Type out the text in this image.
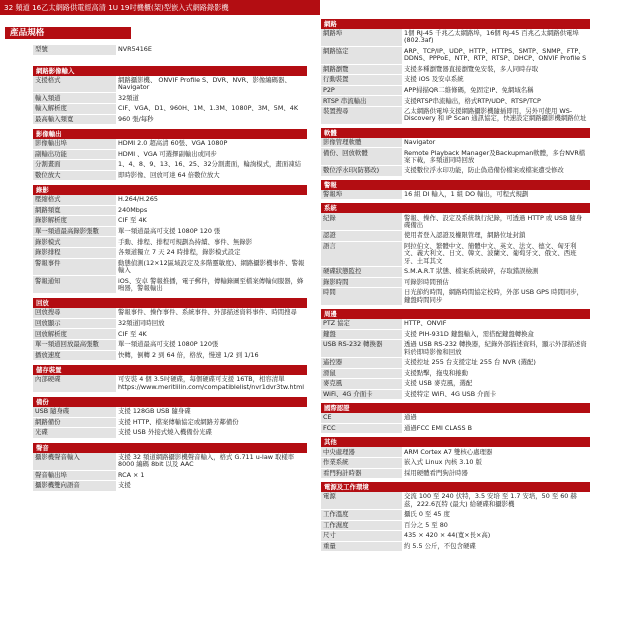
32 頻道 16乙太網路供電經高清 1U 19吋機櫃(架)型嵌入式網路錄影機
產品規格
型號	NVR5416E
網路影像輸入
支援格式	網路攝影機、 ONVIF Profile S、DVR、NVR、影像編碼器、Navigator
輸入頻道	32頻道
輸入解析度	CIF、VGA、D1、960H、1M、1.3M、1080P、3M、5M、4K
最高輸入頻寬	960 張/每秒
影像輸出
影像輸出埠	HDMI 2.0 超高清 60張、VGA 1080P
副輸出功能	HDMI 、VGA 可選擇副輸出或同步
分割畫面	1、4、8、9、13、16、25、32分割畫面，輪詢模式，畫面凍結
數位放大	即時影像、回放可達 64 倍數位放大
錄影
壓縮格式	H.264/H.265
網路頻寬	240Mbps
錄影解析度	CIF 至 4K
單一頻道最高錄影張數	單一頻道最高可支援 1080P 120 張
錄影模式	手動、排程、排程可規劃為持續、事件、無錄影
錄影排程	各頻道獨立 7 天 24 時排程，錄影模式設定
警報事件	動態偵測(12×12區域設定及多階靈敏度)、網路攝影機事件、警報輸入
警報通知	iOS、安卓 警報推播，電子郵件，傳輸錄圖至檔案傳輸伺服器，蜂鳴器，警報輸出
回放
回放搜尋	警報事件、操作事件、系統事件、外部描述資料事件、時間搜尋
回放顯示	32頻道同時回放
回放解析度	CIF 至 4K
單一頻道回放最高張數	單一頻道最高可支援 1080P 120張
播放速度	快轉，倒轉 2 到 64 倍，格放，慢速 1/2 到 1/16
儲存裝置
內部硬碟	可安裝 4 個 3.5吋硬碟，每個硬碟可支援 16TB，相容清單 https://www.meritlilin.com/compatiblelist/nvr1dvr3tw.html
備份
USB 隨身碟	支援 128GB USB 隨身碟
網路備份	支援 HTTP、檔案傳輸協定或網路芳鄰備份
光碟	支援 USB 外接式燒入機備份光碟
聲音
攝影機聲音輸入	支援 32 頻道網路攝影機聲音輸入，格式 G.711 u-law 取樣率 8000 編碼 8bit 以及 AAC
聲音輸出埠	RCA × 1
攝影機雙向語音	支援
網路
網路埠	1個 RJ-45 千兆乙太網路埠，16個 RJ-45 百兆乙太網路供電埠(802.3af)
網路協定	ARP、TCP/IP、UDP、HTTP、HTTPS、SMTP、SNMP、FTP、DDNS、PPPoE、NTP、RTP、RTSP、DHCP、ONVIF Profile S
網路瀏覽	支援多種瀏覽器直接瀏覽免安裝，多人同時存取
行動裝置	支援 iOS 及安卓系統
P2P	APP掃描QR二維條碼，免固定IP、免網域名稱
RTSP 串流輸出	支援RTSP串流輸出，格式RTP/UDP、RTSP/TCP
裝置搜尋	乙太網路供電埠支援網路攝影機隨插即用，另外可使用 WS-Discovery 和 IP Scan 通訊協定，快速設定網路攝影機網路位址
軟體
影像管理軟體	Navigator
備份、回放軟體	Remote Playback Manager及Backupman軟體，多台NVR檔案下載，多頻道同時回放
數位浮水印(防篡改)	支援數位浮水印功能，防止偽造備份檔案或檔案遭受修改
警報
警報埠	16 組 DI 輸入，1 組 DO 輸出，可程式規劃
系統
紀錄	警報、操作、設定及系統執行紀錄，可透過 HTTP 或 USB 隨身碟備出
認證	使用者登入認證及權限管理，網路位址封鎖
語言	阿拉伯文、繁體中文、簡體中文、英文、法文、德文、匈牙利文、義大利文、日文、韓文、波蘭文、葡萄牙文、俄文、西班牙、土耳其文
硬碟狀態監控	S.M.A.R.T 狀態、檔案系統破碎，存取錯誤檢測
錄影時間	可錄影時間預估
時間	日光節約時間，網路時間協定校時，外部 USB GPS 時間同步，鍵盤時間同步
周邊
PTZ 協定	HTTP、ONVIF
鍵盤	支援 PIH-931D 鍵盤輸入，需搭配鍵盤轉換盒
USB RS-232 轉換器	透過 USB RS-232 轉換器，紀錄外部描述資料，顯示外部描述資料於即時影像和回放
遙控器	支援控址 255 台支援定址 255 台 NVR (選配)
滑鼠	支援點擊，拖曳和捲動
麥克風	支援 USB 麥克風，選配
WiFi、4G 介面卡	支援特定 WiFi、4G USB 介面卡
國際認證
CE	通過
FCC	通過FCC EMI CLASS B
其他
中央處理器	ARM Cortex A7 雙核心處理器
作業系統	嵌入式 Linux 內核 3.10 版
看門狗計時器	採用硬體看門狗計時器
電源及工作環境
電源	交流 100 至 240 伏特，3.5 安培 至 1.7 安培，50 至 60 赫茲，222.6瓦特 (最大) 給硬碟和攝影機
工作溫度	攝氏 0 至 45 度
工作濕度	百分之 5 至 80
尺寸	435 × 420 × 44(寬×長×高)
重量	約 5.5 公斤，不包含硬碟
